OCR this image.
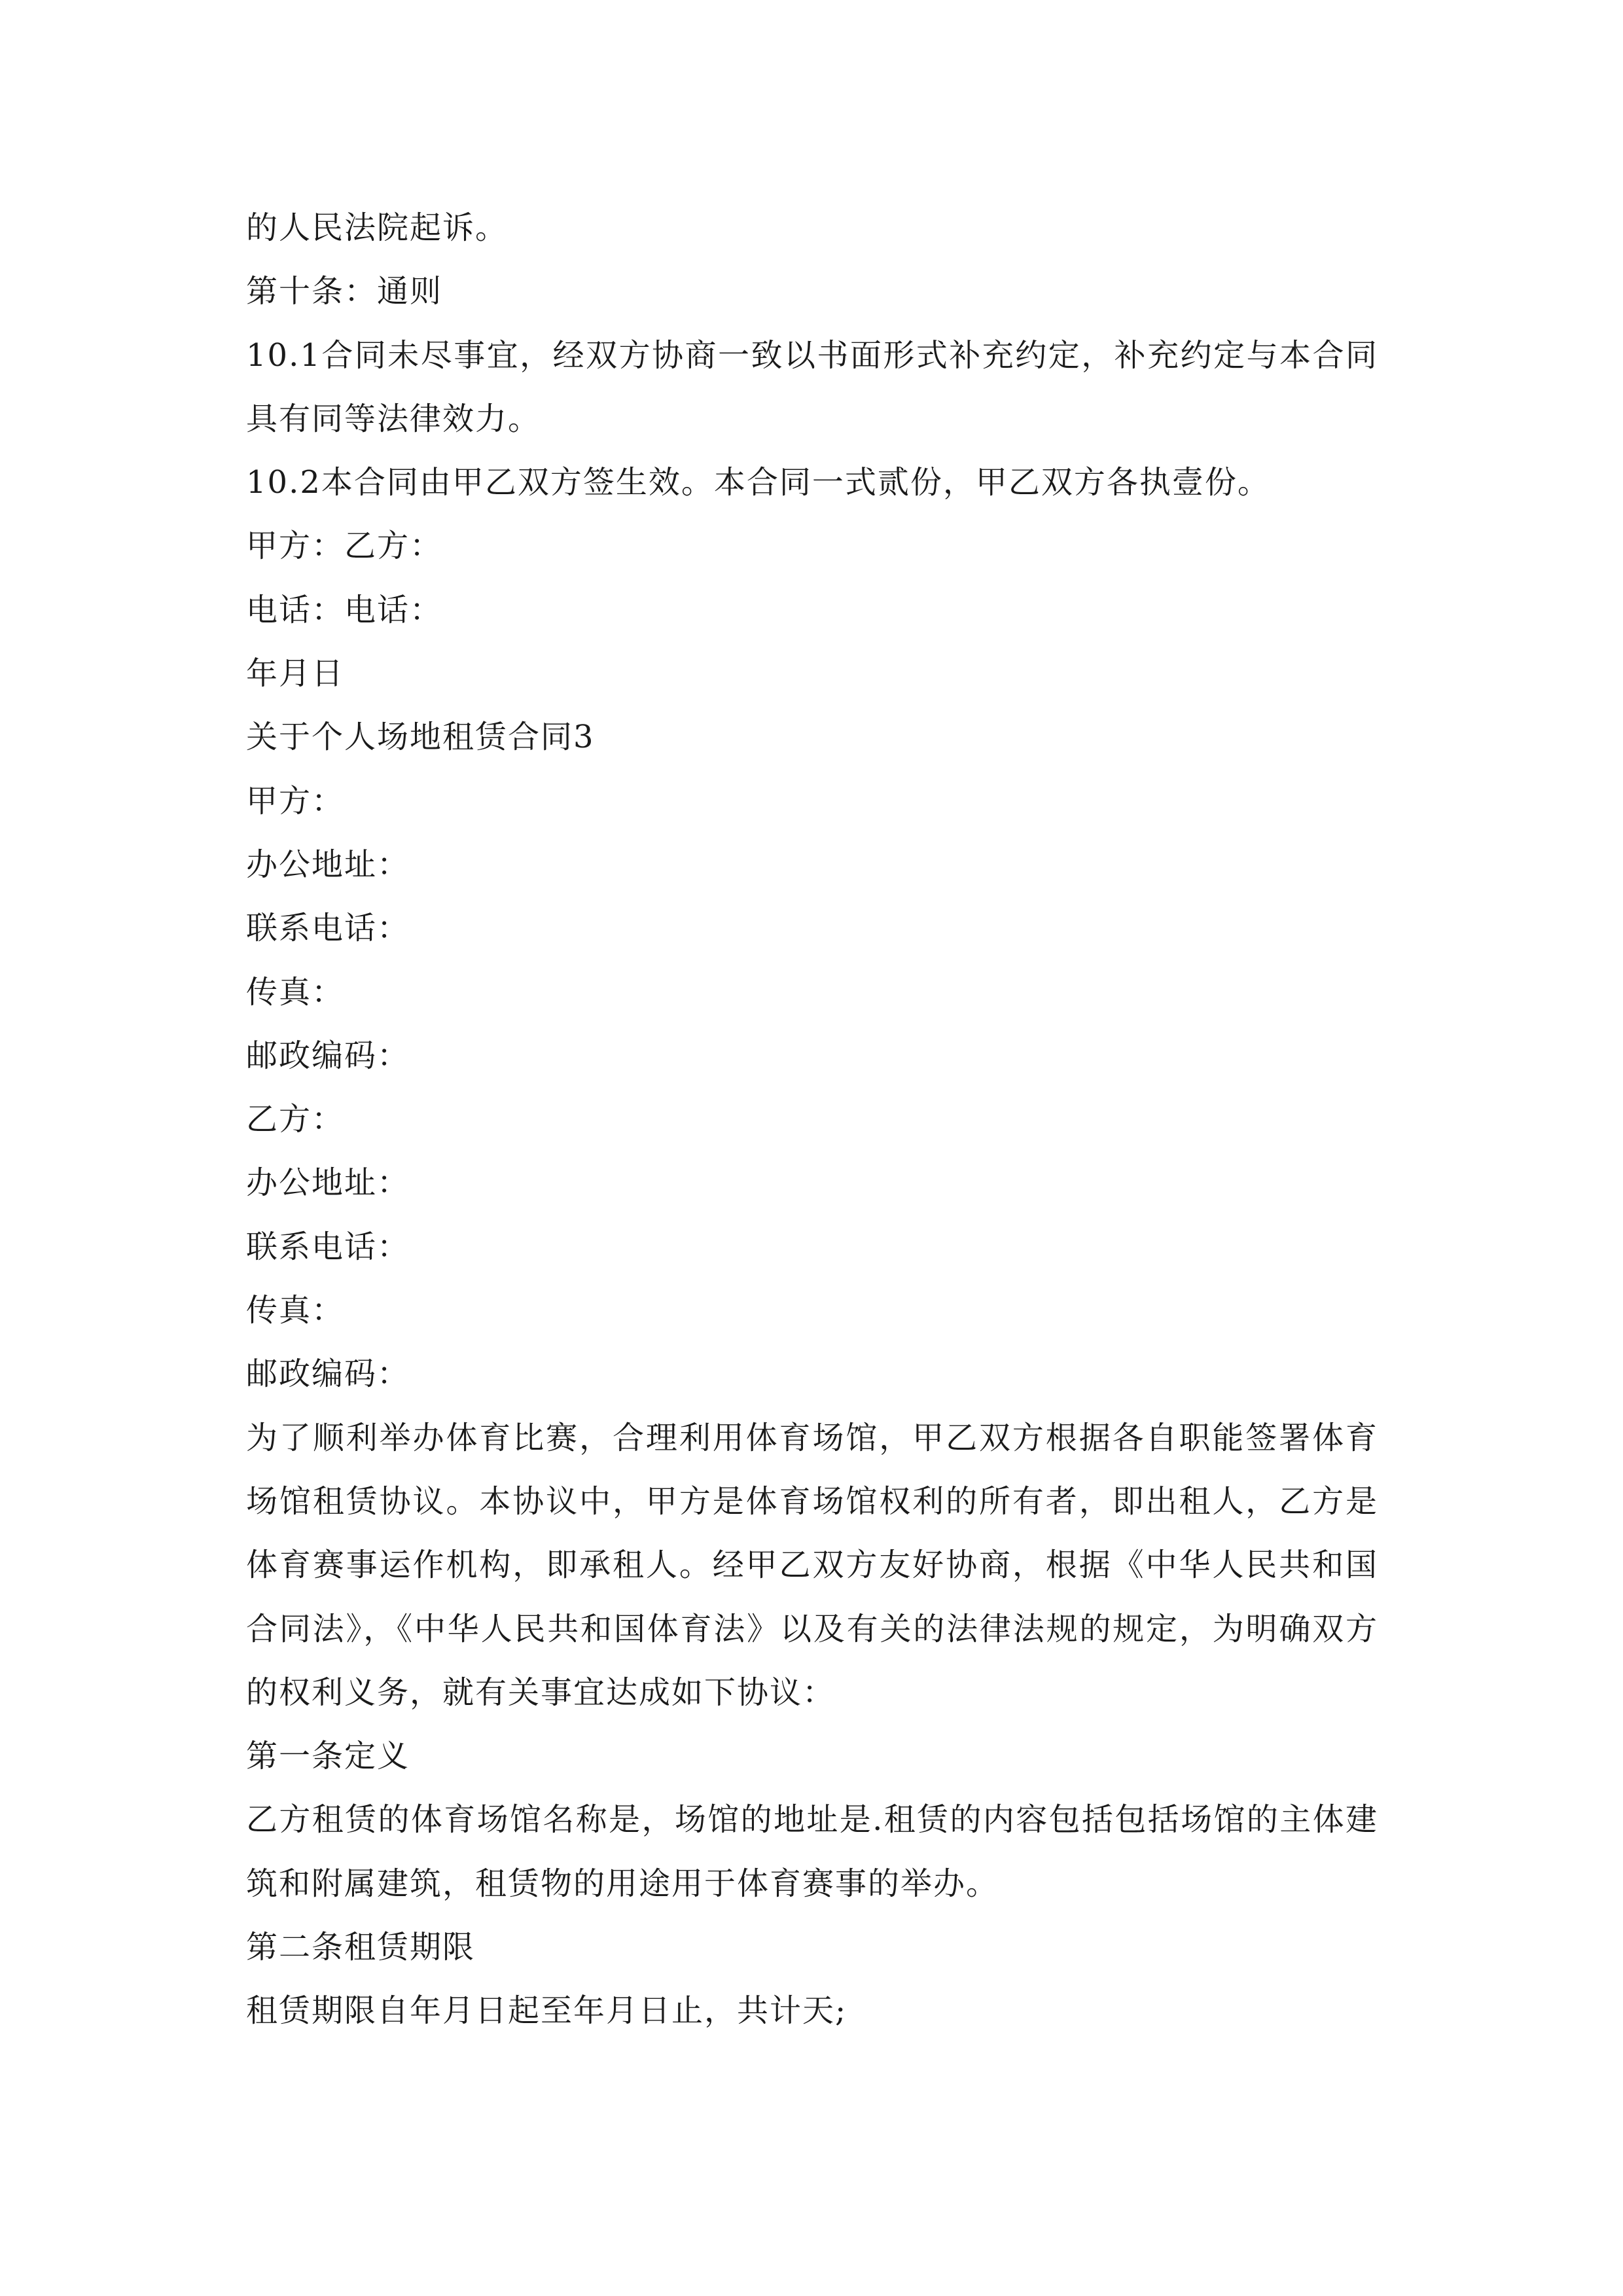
的人民法院起诉。

第十条：通则

10.1合同未尽事宜，经双方协商一致以书面形式补充约定，补充约定与本合同具有同等法律效力。

10.2本合同由甲乙双方签生效。本合同一式贰份，甲乙双方各执壹份。

甲方：乙方：

电话：电话：

年月日

关于个人场地租赁合同3

甲方：

办公地址：

联系电话：

传真：

邮政编码：

乙方：

办公地址：

联系电话：

传真：

邮政编码：

为了顺利举办体育比赛，合理利用体育场馆，甲乙双方根据各自职能签署体育场馆租赁协议。本协议中，甲方是体育场馆权利的所有者，即出租人，乙方是体育赛事运作机构，即承租人。经甲乙双方友好协商，根据《中华人民共和国合同法》，《中华人民共和国体育法》以及有关的法律法规的规定，为明确双方的权利义务，就有关事宜达成如下协议：

第一条定义

乙方租赁的体育场馆名称是，场馆的地址是.租赁的内容包括包括场馆的主体建筑和附属建筑，租赁物的用途用于体育赛事的举办。

第二条租赁期限

租赁期限自年月日起至年月日止，共计天;
